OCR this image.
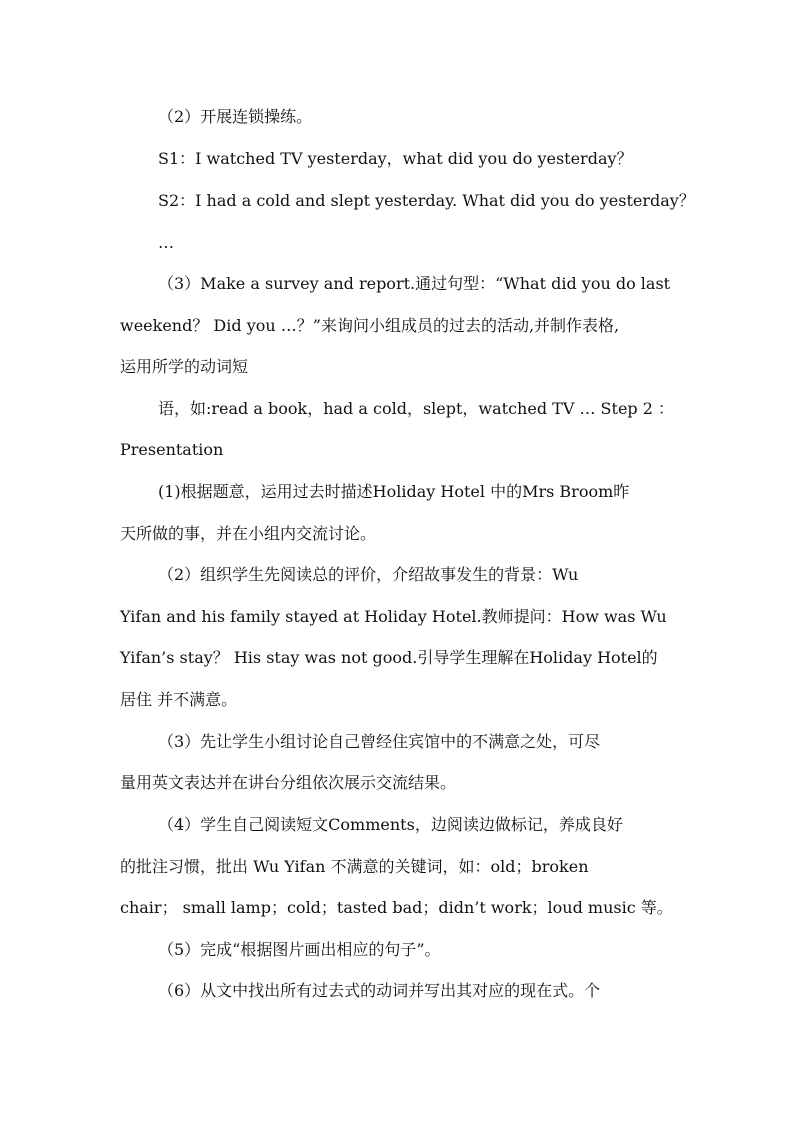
（2）开展连锁操练。
S1：I watched TV yesterday，what did you do yesterday？
S2：I had a cold and slept yesterday. What did you do yesterday？
…
（3）Make a survey and report.通过句型：“What did you do last
weekend？ Did you …？”来询问小组成员的过去的活动,并制作表格,
运用所学的动词短
语，如:read a book，had a cold，slept，watched TV … Step 2 ：
Presentation
(1)根据题意，运用过去时描述Holiday Hotel 中的Mrs Broom昨
天所做的事，并在小组内交流讨论。
（2）组织学生先阅读总的评价，介绍故事发生的背景：Wu
Yifan and his family stayed at Holiday Hotel.教师提问：How was Wu
Yifan’s stay？ His stay was not good.引导学生理解在Holiday Hotel的
居住 并不满意。
（3）先让学生小组讨论自己曾经住宾馆中的不满意之处，可尽
量用英文表达并在讲台分组依次展示交流结果。
（4）学生自己阅读短文Comments，边阅读边做标记，养成良好
的批注习惯，批出 Wu Yifan 不满意的关键词，如：old；broken
chair； small lamp；cold；tasted bad；didn’t work；loud music 等。
（5）完成“根据图片画出相应的句子”。
（6）从文中找出所有过去式的动词并写出其对应的现在式。个
